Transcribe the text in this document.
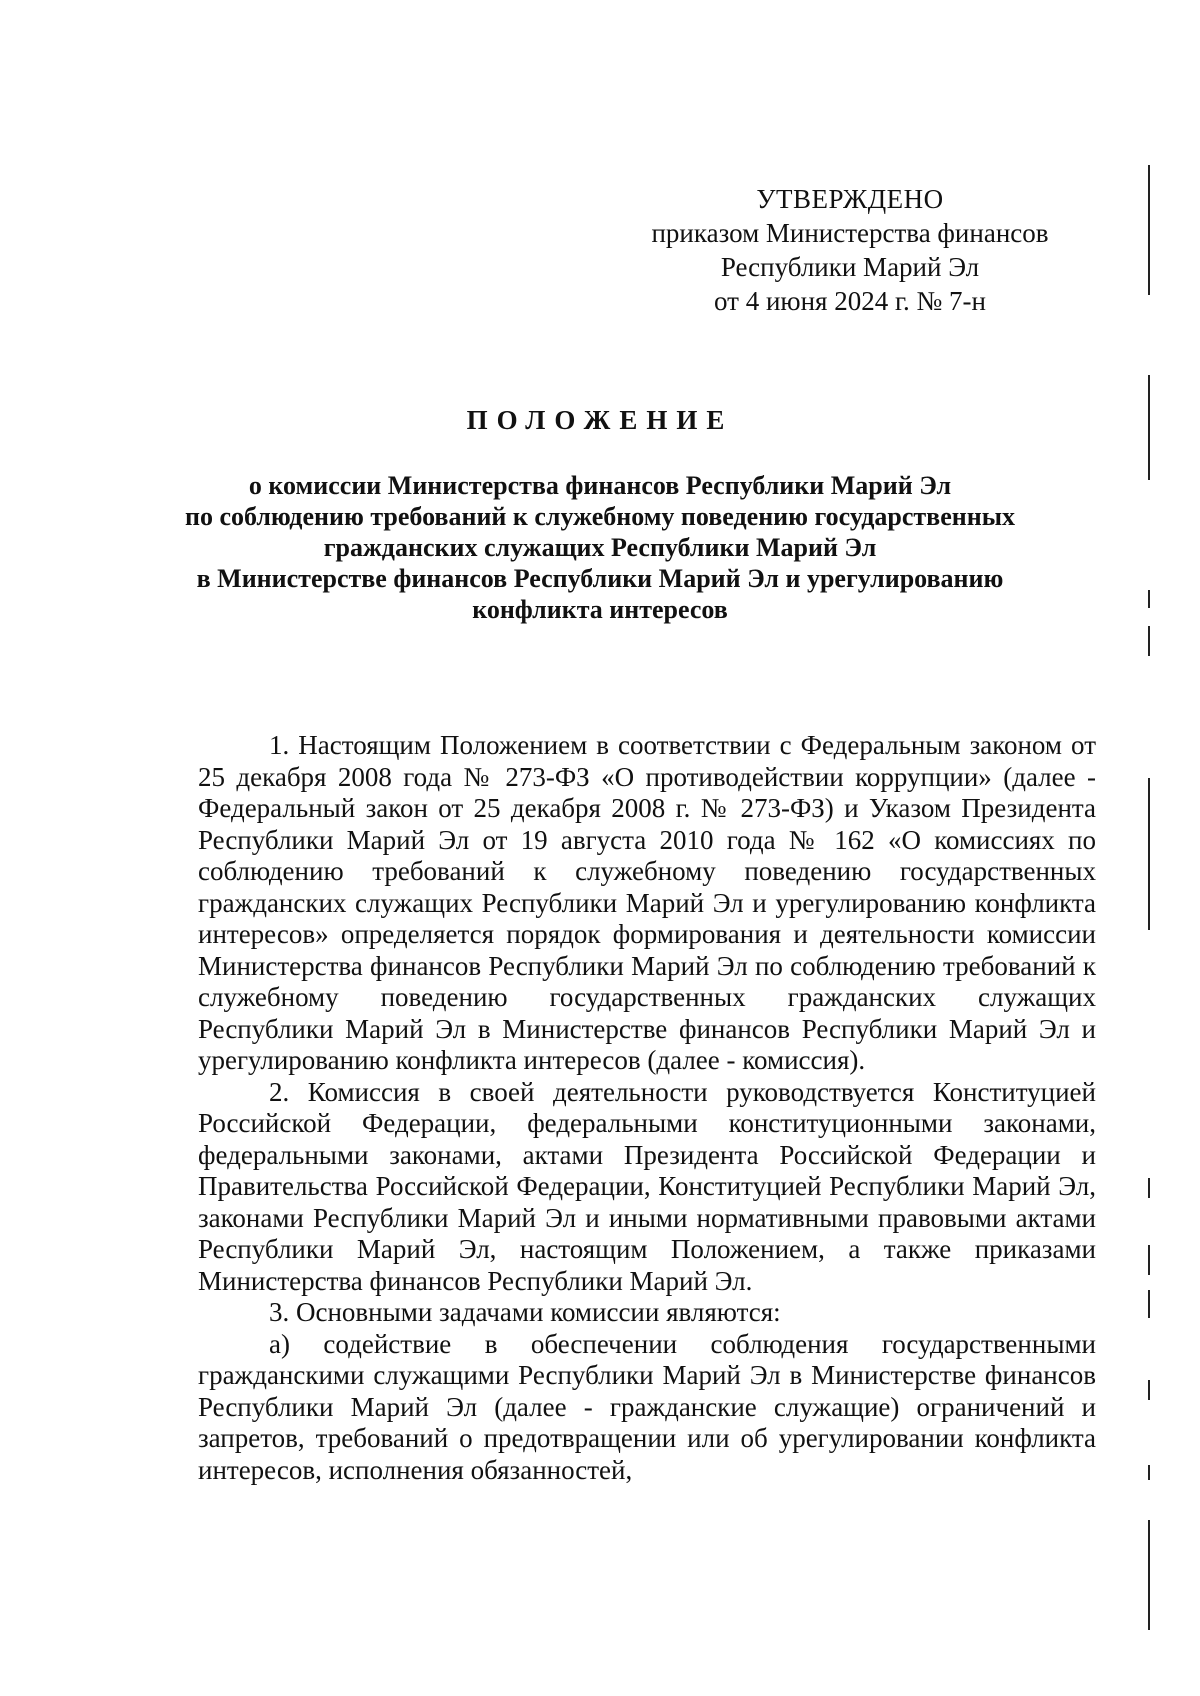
УТВЕРЖДЕНО
приказом Министерства финансов
Республики Марий Эл
от 4 июня 2024 г. № 7-н
ПОЛОЖЕНИЕ
о комиссии Министерства финансов Республики Марий Эл
по соблюдению требований к служебному поведению государственных
гражданских служащих Республики Марий Эл
в Министерстве финансов Республики Марий Эл и урегулированию
конфликта интересов

1. Настоящим Положением в соответствии с Федеральным законом от 25 декабря 2008 года № 273-ФЗ «О противодействии коррупции» (далее - Федеральный закон от 25 декабря 2008 г. № 273-ФЗ) и Указом Президента Республики Марий Эл от 19 августа 2010 года № 162 «О комиссиях по соблюдению требований к служебному поведению государственных гражданских служащих Республики Марий Эл и урегулированию конфликта интересов» определяется порядок формирования и деятельности комиссии Министерства финансов Республики Марий Эл по соблюдению требований к служебному поведению государственных гражданских служащих Республики Марий Эл в Министерстве финансов Республики Марий Эл и урегулированию конфликта интересов (далее - комиссия).

2. Комиссия в своей деятельности руководствуется Конституцией Российской Федерации, федеральными конституционными законами, федеральными законами, актами Президента Российской Федерации и Правительства Российской Федерации, Конституцией Республики Марий Эл, законами Республики Марий Эл и иными нормативными правовыми актами Республики Марий Эл, настоящим Положением, а также приказами Министерства финансов Республики Марий Эл.

3. Основными задачами комиссии являются:

а) содействие в обеспечении соблюдения государственными гражданскими служащими Республики Марий Эл в Министерстве финансов Республики Марий Эл (далее - гражданские служащие) ограничений и запретов, требований о предотвращении или об урегулировании конфликта интересов, исполнения обязанностей,
